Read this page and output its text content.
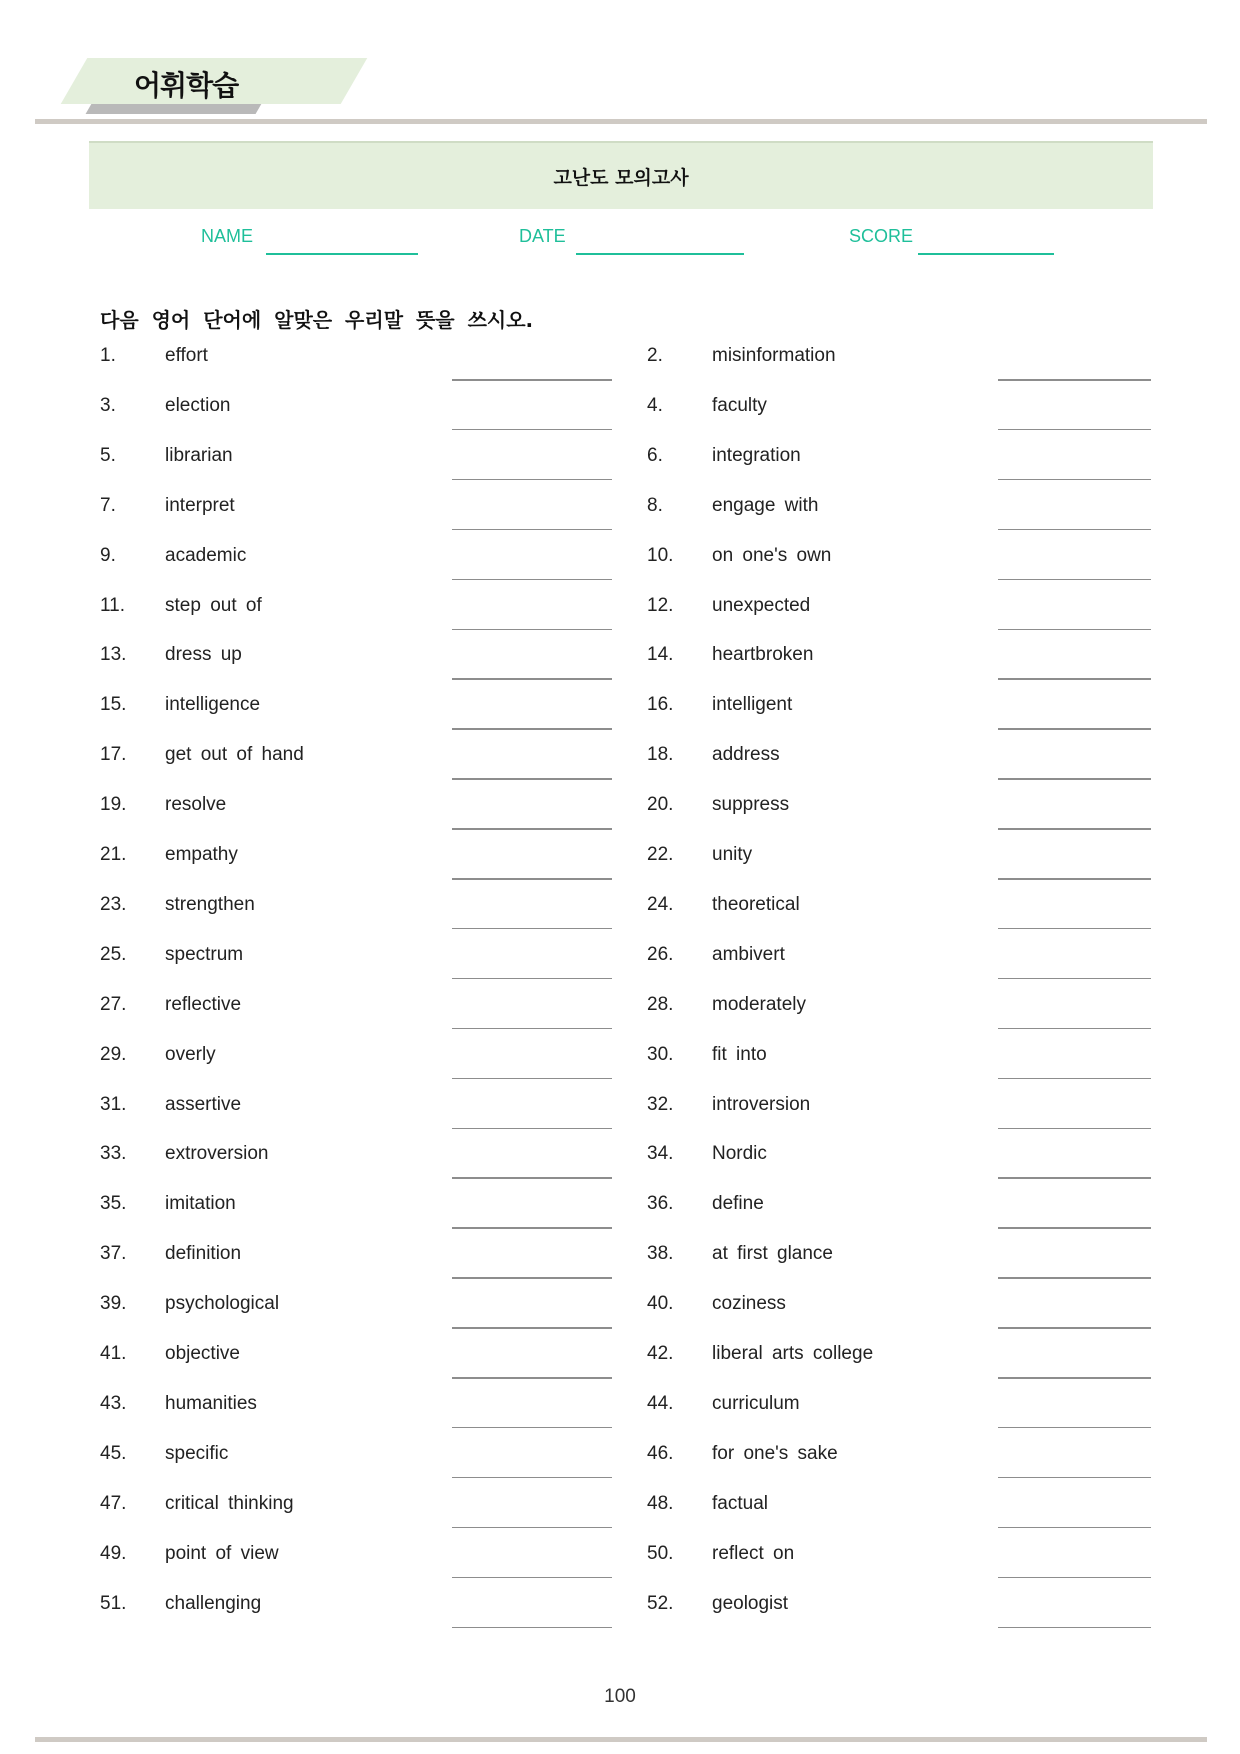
어휘학습
고난도 모의고사
NAME	DATE	SCORE
다음 영어 단어에 알맞은 우리말 뜻을 쓰시오.
1.	effort	2.	misinformation
3.	election	4.	faculty
5.	librarian	6.	integration
7.	interpret	8.	engage with
9.	academic	10. on one's own
11. step out of	12. unexpected
13. dress up	14. heartbroken
15. intelligence	16. intelligent
17. get out of hand	18. address
19. resolve	20. suppress
21. empathy	22. unity
23. strengthen	24. theoretical
25. spectrum	26. ambivert
27. reflective	28. moderately
29. overly	30. fit into
31. assertive	32. introversion
33. extroversion	34. Nordic
35. imitation	36. define
37. definition	38. at first glance
39. psychological	40. coziness
41. objective	42. liberal arts college
43. humanities	44. curriculum
45. specific	46. for one's sake
47. critical thinking	48. factual
49. point of view	50. reflect on
51. challenging	52. geologist
100
